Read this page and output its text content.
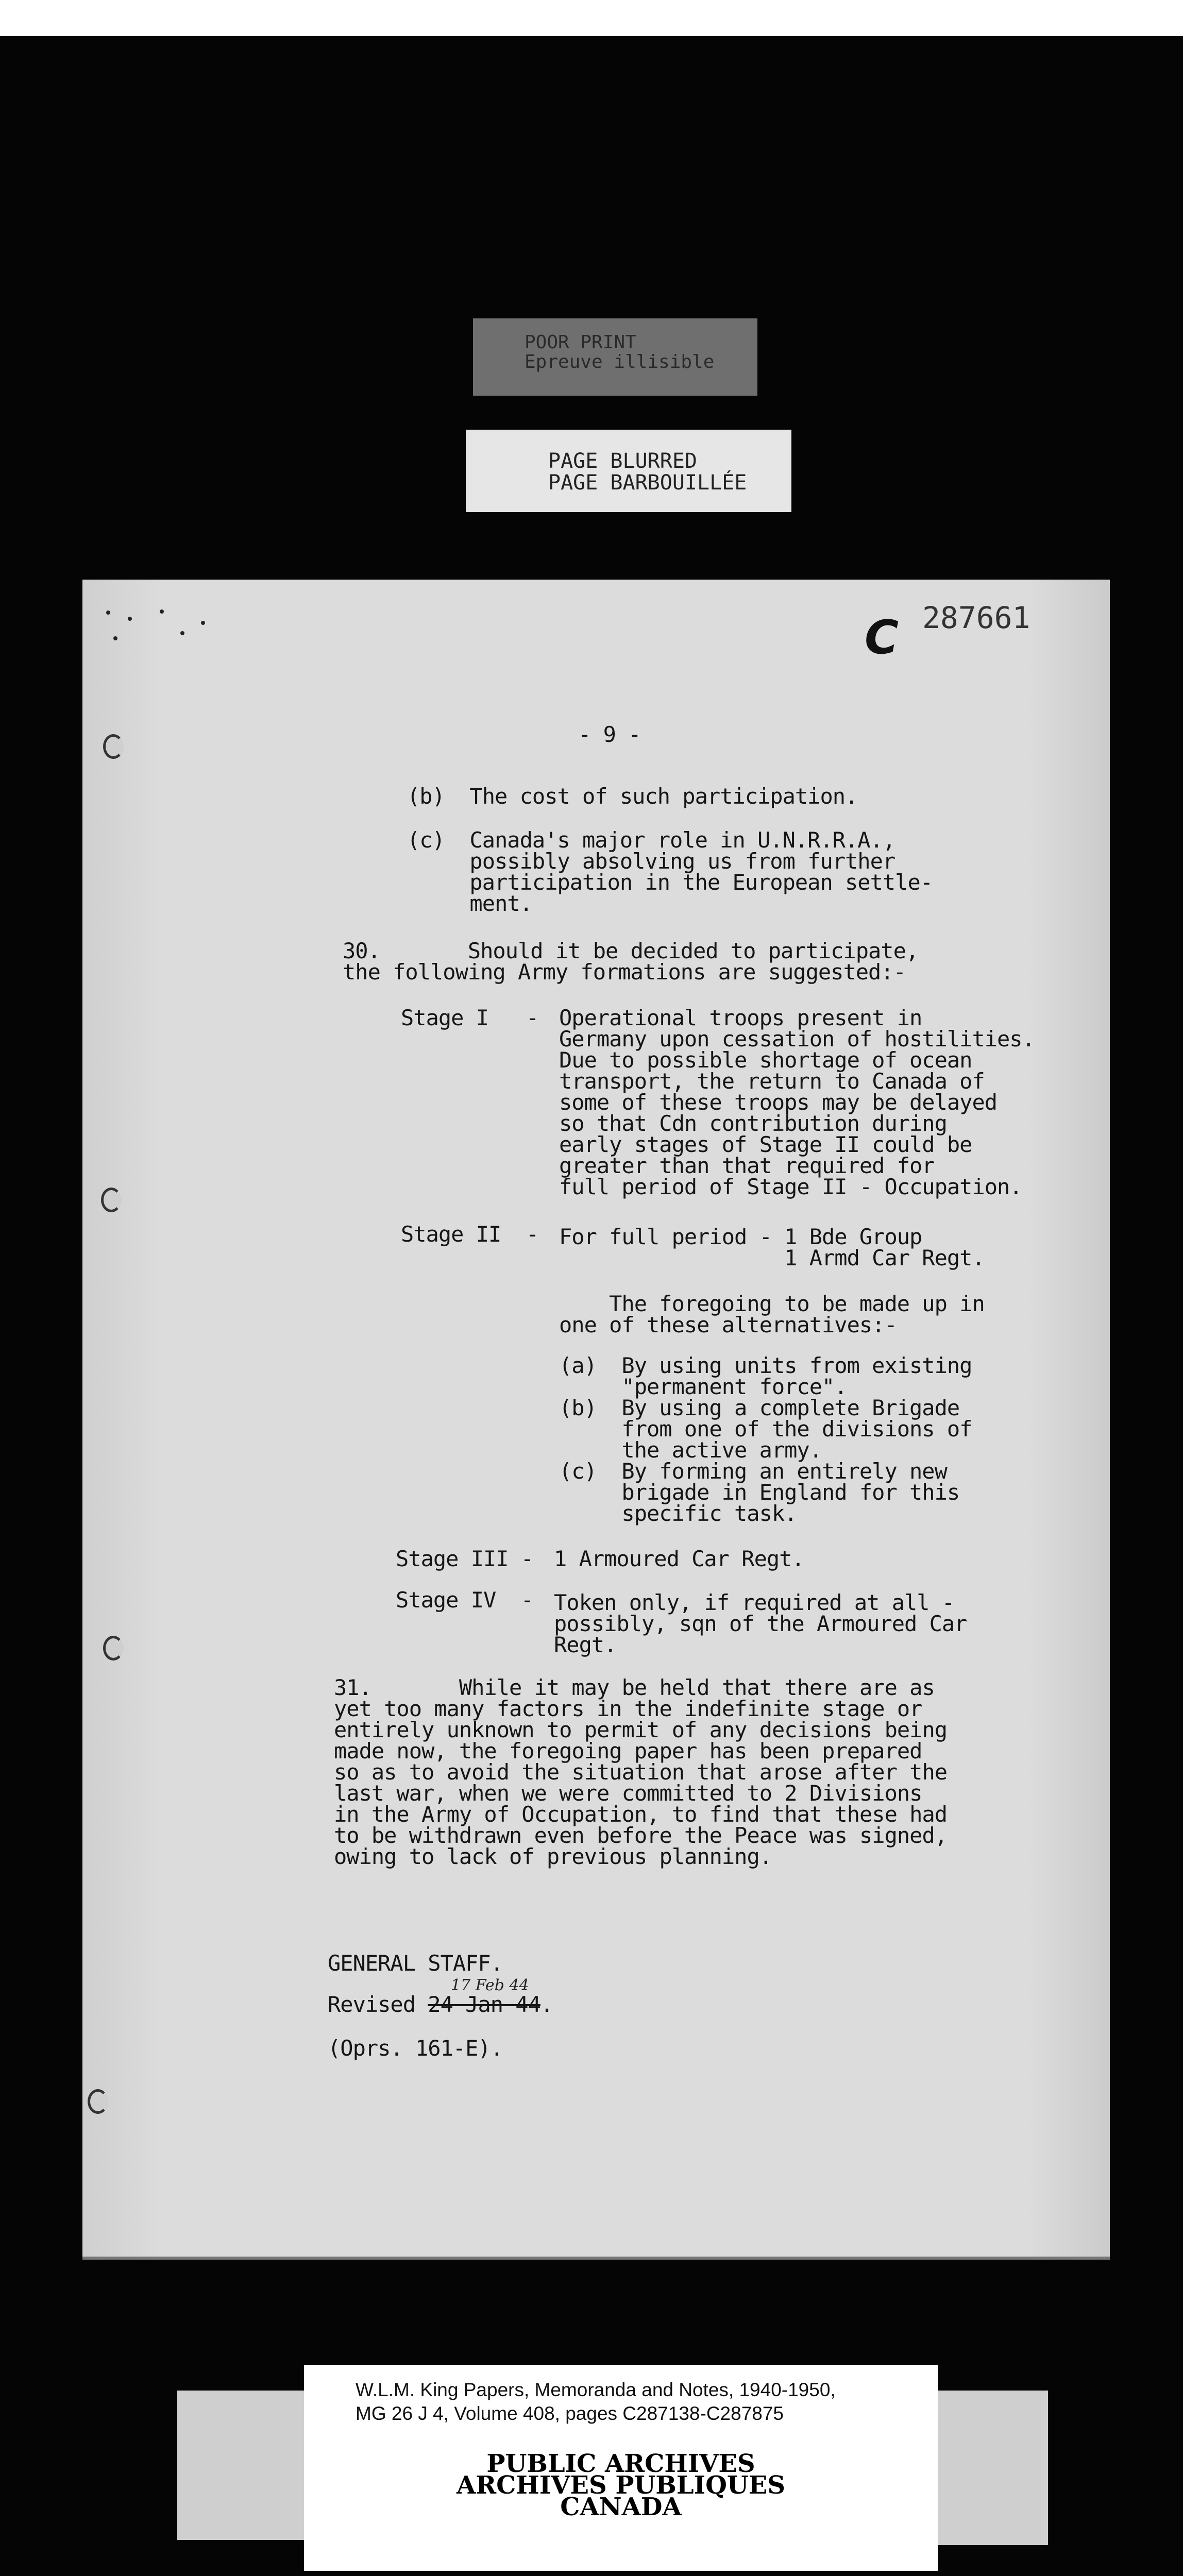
POOR PRINT
Epreuve illisible
PAGE BLURRED
PAGE BARBOUILLÉE
C 287661
- 9 -
(b)  The cost of such participation.
(c)  Canada's major role in U.N.R.R.A.,
possibly absolving us from further
participation in the European settle-
ment.
30.       Should it be decided to participate,
the following Army formations are suggested:-
Stage I   - Operational troops present in
Germany upon cessation of hostilities.
Due to possible shortage of ocean
transport, the return to Canada of
some of these troops may be delayed
so that Cdn contribution during
early stages of Stage II could be
greater than that required for
full period of Stage II - Occupation.
Stage II  - For full period - 1 Bde Group
1 Armd Car Regt.
The foregoing to be made up in
one of these alternatives:-
(a)  By using units from existing
"permanent force".
(b)  By using a complete Brigade
from one of the divisions of
the active army.
(c)  By forming an entirely new
brigade in England for this
specific task.
Stage III - 1 Armoured Car Regt.
Stage IV  - Token only, if required at all -
possibly, sqn of the Armoured Car
Regt.
31.       While it may be held that there are as
yet too many factors in the indefinite stage or
entirely unknown to permit of any decisions being
made now, the foregoing paper has been prepared
so as to avoid the situation that arose after the
last war, when we were committed to 2 Divisions
in the Army of Occupation, to find that these had
to be withdrawn even before the Peace was signed,
owing to lack of previous planning.
GENERAL STAFF.
Revised 24 Jan 44.
17 Feb 44
(Oprs. 161-E).
W.L.M. King Papers, Memoranda and Notes, 1940-1950,
MG 26 J 4, Volume 408, pages C287138-C287875
PUBLIC ARCHIVES
ARCHIVES PUBLIQUES
CANADA
